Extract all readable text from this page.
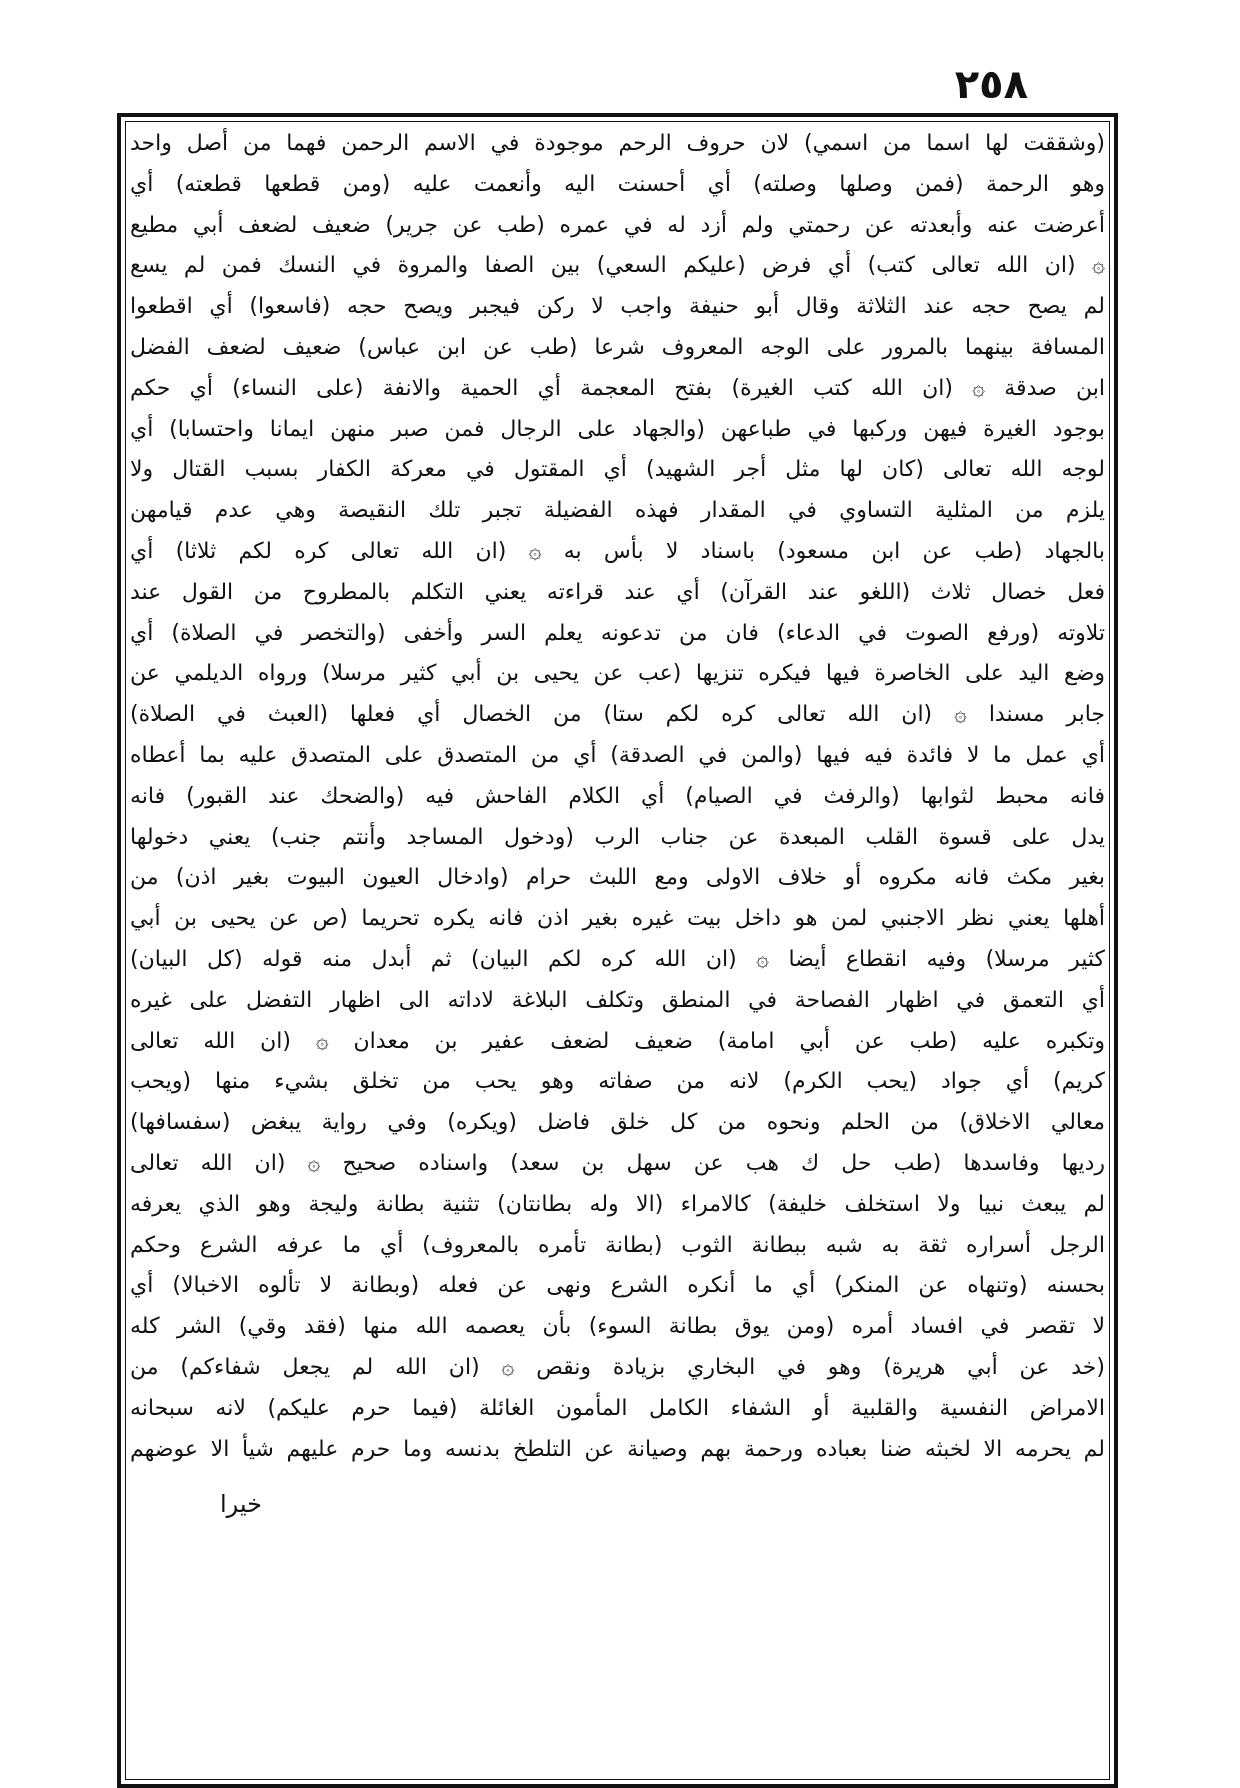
٢٥٨
(وشققت لها اسما من اسمي) لان حروف الرحم موجودة في الاسم الرحمن فهما من أصل واحد
وهو الرحمة (فمن وصلها وصلته) أي أحسنت اليه وأنعمت عليه (ومن قطعها قطعته) أي
أعرضت عنه وأبعدته عن رحمتي ولم أزد له في عمره (طب عن جرير) ضعيف لضعف أبي مطيع
۞ (ان الله تعالى كتب) أي فرض (عليكم السعي) بين الصفا والمروة في النسك فمن لم يسع
لم يصح حجه عند الثلاثة وقال أبو حنيفة واجب لا ركن فيجبر ويصح حجه (فاسعوا) أي اقطعوا
المسافة بينهما بالمرور على الوجه المعروف شرعا (طب عن ابن عباس) ضعيف لضعف الفضل
ابن صدقة ۞ (ان الله كتب الغيرة) بفتح المعجمة أي الحمية والانفة (على النساء) أي حكم
بوجود الغيرة فيهن وركبها في طباعهن (والجهاد على الرجال فمن صبر منهن ايمانا واحتسابا) أي
لوجه الله تعالى (كان لها مثل أجر الشهيد) أي المقتول في معركة الكفار بسبب القتال ولا
يلزم من المثلية التساوي في المقدار فهذه الفضيلة تجبر تلك النقيصة وهي عدم قيامهن
بالجهاد (طب عن ابن مسعود) باسناد لا بأس به ۞ (ان الله تعالى كره لكم ثلاثا) أي
فعل خصال ثلاث (اللغو عند القرآن) أي عند قراءته يعني التكلم بالمطروح من القول عند
تلاوته (ورفع الصوت في الدعاء) فان من تدعونه يعلم السر وأخفى (والتخصر في الصلاة) أي
وضع اليد على الخاصرة فيها فيكره تنزيها (عب عن يحيى بن أبي كثير مرسلا) ورواه الديلمي عن
جابر مسندا ۞ (ان الله تعالى كره لكم ستا) من الخصال أي فعلها (العبث في الصلاة)
أي عمل ما لا فائدة فيه فيها (والمن في الصدقة) أي من المتصدق على المتصدق عليه بما أعطاه
فانه محبط لثوابها (والرفث في الصيام) أي الكلام الفاحش فيه (والضحك عند القبور) فانه
يدل على قسوة القلب المبعدة عن جناب الرب (ودخول المساجد وأنتم جنب) يعني دخولها
بغير مكث فانه مكروه أو خلاف الاولى ومع اللبث حرام (وادخال العيون البيوت بغير اذن) من
أهلها يعني نظر الاجنبي لمن هو داخل بيت غيره بغير اذن فانه يكره تحريما (ص عن يحيى بن أبي
كثير مرسلا) وفيه انقطاع أيضا ۞ (ان الله كره لكم البيان) ثم أبدل منه قوله (كل البيان)
أي التعمق في اظهار الفصاحة في المنطق وتكلف البلاغة لاداته الى اظهار التفضل على غيره
وتكبره عليه (طب عن أبي امامة) ضعيف لضعف عفير بن معدان ۞ (ان الله تعالى
كريم) أي جواد (يحب الكرم) لانه من صفاته وهو يحب من تخلق بشيء منها (ويحب
معالي الاخلاق) من الحلم ونحوه من كل خلق فاضل (ويكره) وفي رواية يبغض (سفسافها)
رديها وفاسدها (طب حل ك هب عن سهل بن سعد) واسناده صحيح ۞ (ان الله تعالى
لم يبعث نبيا ولا استخلف خليفة) كالامراء (الا وله بطانتان) تثنية بطانة وليجة وهو الذي يعرفه
الرجل أسراره ثقة به شبه ببطانة الثوب (بطانة تأمره بالمعروف) أي ما عرفه الشرع وحكم
بحسنه (وتنهاه عن المنكر) أي ما أنكره الشرع ونهى عن فعله (وبطانة لا تألوه الاخبالا) أي
لا تقصر في افساد أمره (ومن يوق بطانة السوء) بأن يعصمه الله منها (فقد وقي) الشر كله
(خد عن أبي هريرة) وهو في البخاري بزيادة ونقص ۞ (ان الله لم يجعل شفاءكم) من
الامراض النفسية والقلبية أو الشفاء الكامل المأمون الغائلة (فيما حرم عليكم) لانه سبحانه
لم يحرمه الا لخبثه ضنا بعباده ورحمة بهم وصيانة عن التلطخ بدنسه وما حرم عليهم شيأ الا عوضهم
خيرا
